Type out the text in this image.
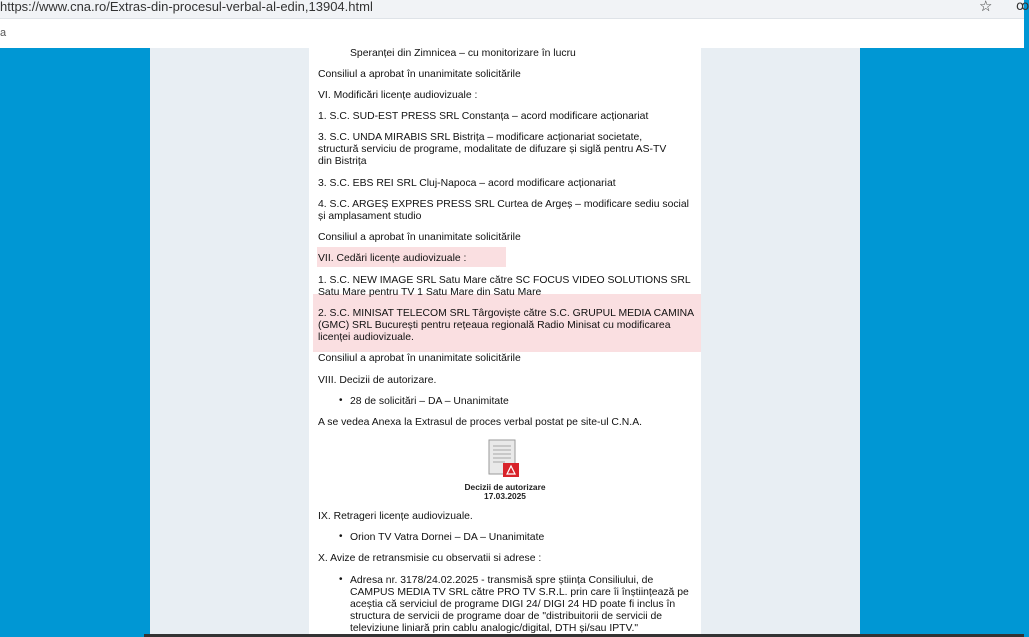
https://www.cna.ro/Extras-din-procesul-verbal-al-edin,13904.html	☆ ꝏ
a
Speranței din Zimnicea – cu monitorizare în lucru
Consiliul a aprobat în unanimitate solicitările
VI. Modificări licențe audiovizuale :
1. S.C. SUD-EST PRESS SRL Constanța – acord modificare acționariat
3. S.C. UNDA MIRABIS SRL Bistrița – modificare acționariat societate,
structură serviciu de programe, modalitate de difuzare și siglă pentru AS-TV
din Bistrița
3. S.C. EBS REI SRL Cluj-Napoca – acord modificare acționariat
4. S.C. ARGEȘ EXPRES PRESS SRL Curtea de Argeș – modificare sediu social
și amplasament studio
Consiliul a aprobat în unanimitate solicitările
VII. Cedări licențe audiovizuale :
1. S.C. NEW IMAGE SRL Satu Mare către SC FOCUS VIDEO SOLUTIONS SRL
Satu Mare pentru TV 1 Satu Mare din Satu Mare
2. S.C. MINISAT TELECOM SRL Târgoviște către S.C. GRUPUL MEDIA CAMINA
(GMC) SRL București pentru rețeaua regională Radio Minisat cu modificarea
licenței audiovizuale.
Consiliul a aprobat în unanimitate solicitările
VIII. Decizii de autorizare.
• 28 de solicitări – DA – Unanimitate
A se vedea Anexa la Extrasul de proces verbal postat pe site-ul C.N.A.
Decizii de autorizare
17.03.2025
IX. Retrageri licențe audiovizuale.
• Orion TV Vatra Dornei – DA – Unanimitate
X. Avize de retransmisie cu observatii si adrese :
• Adresa nr. 3178/24.02.2025 - transmisă spre știința Consiliului, de
CAMPUS MEDIA TV SRL către PRO TV S.R.L. prin care îi înștiințează pe
aceștia că serviciul de programe DIGI 24/ DIGI 24 HD poate fi inclus în
structura de servicii de programe doar de "distribuitorii de servicii de
televiziune liniară prin cablu analogic/digital, DTH și/sau IPTV."
